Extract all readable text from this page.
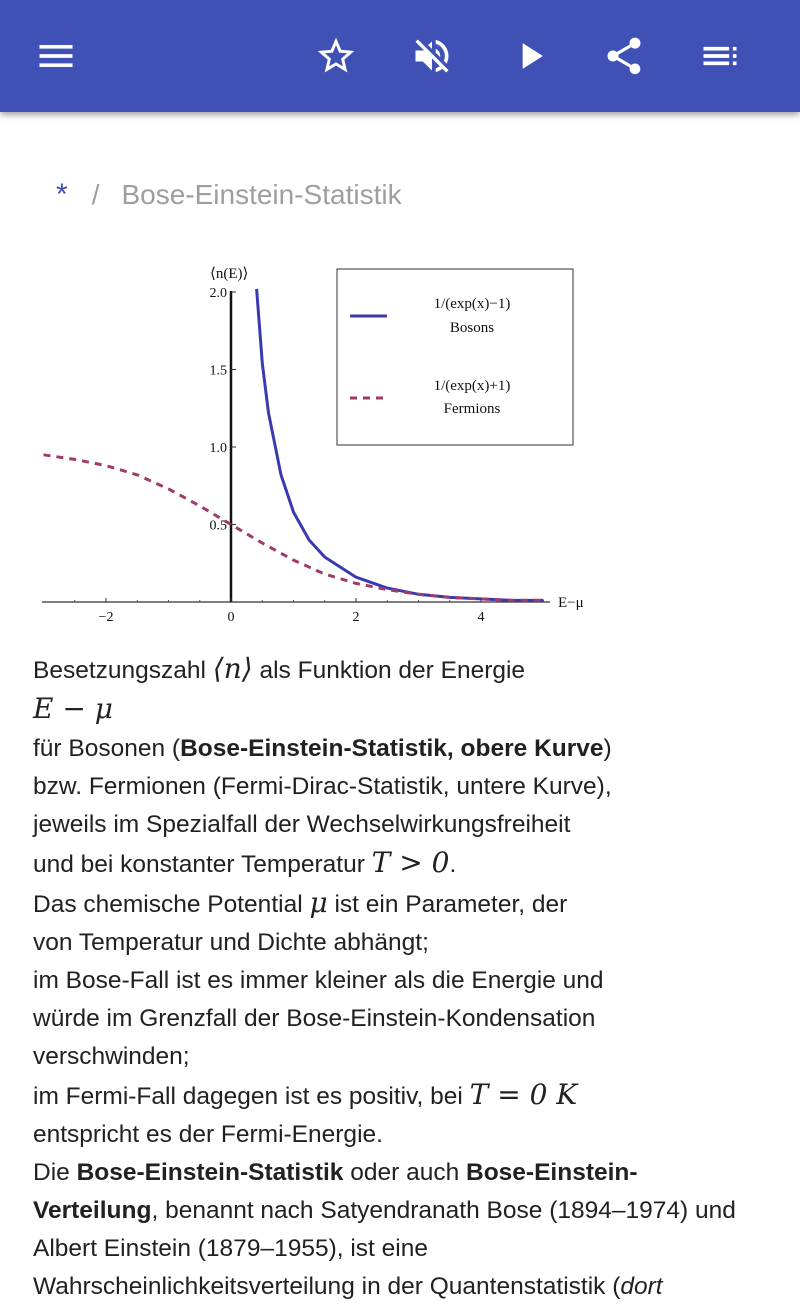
* / Bose-Einstein-Statistik
−2	0	2	4
0.5
1.0
1.5
2.0
⟨n(E)⟩
E−μ
1/(exp(x)−1)
Bosons
1/(exp(x)+1)
Fermions
Besetzungszahl ⟨n⟩ als Funktion der Energie
E − μ
für Bosonen (Bose-Einstein-Statistik, obere Kurve)
bzw. Fermionen (Fermi-Dirac-Statistik, untere Kurve),
jeweils im Spezialfall der Wechselwirkungsfreiheit
und bei konstanter Temperatur T > 0.
Das chemische Potential μ ist ein Parameter, der
von Temperatur und Dichte abhängt;
im Bose-Fall ist es immer kleiner als die Energie und
würde im Grenzfall der Bose-Einstein-Kondensation
verschwinden;
im Fermi-Fall dagegen ist es positiv, bei T = 0 K
entspricht es der Fermi-Energie.
Die Bose-Einstein-Statistik oder auch Bose-Einstein-
Verteilung, benannt nach Satyendranath Bose (1894–1974) und
Albert Einstein (1879–1955), ist eine
Wahrscheinlichkeitsverteilung in der Quantenstatistik (dort
